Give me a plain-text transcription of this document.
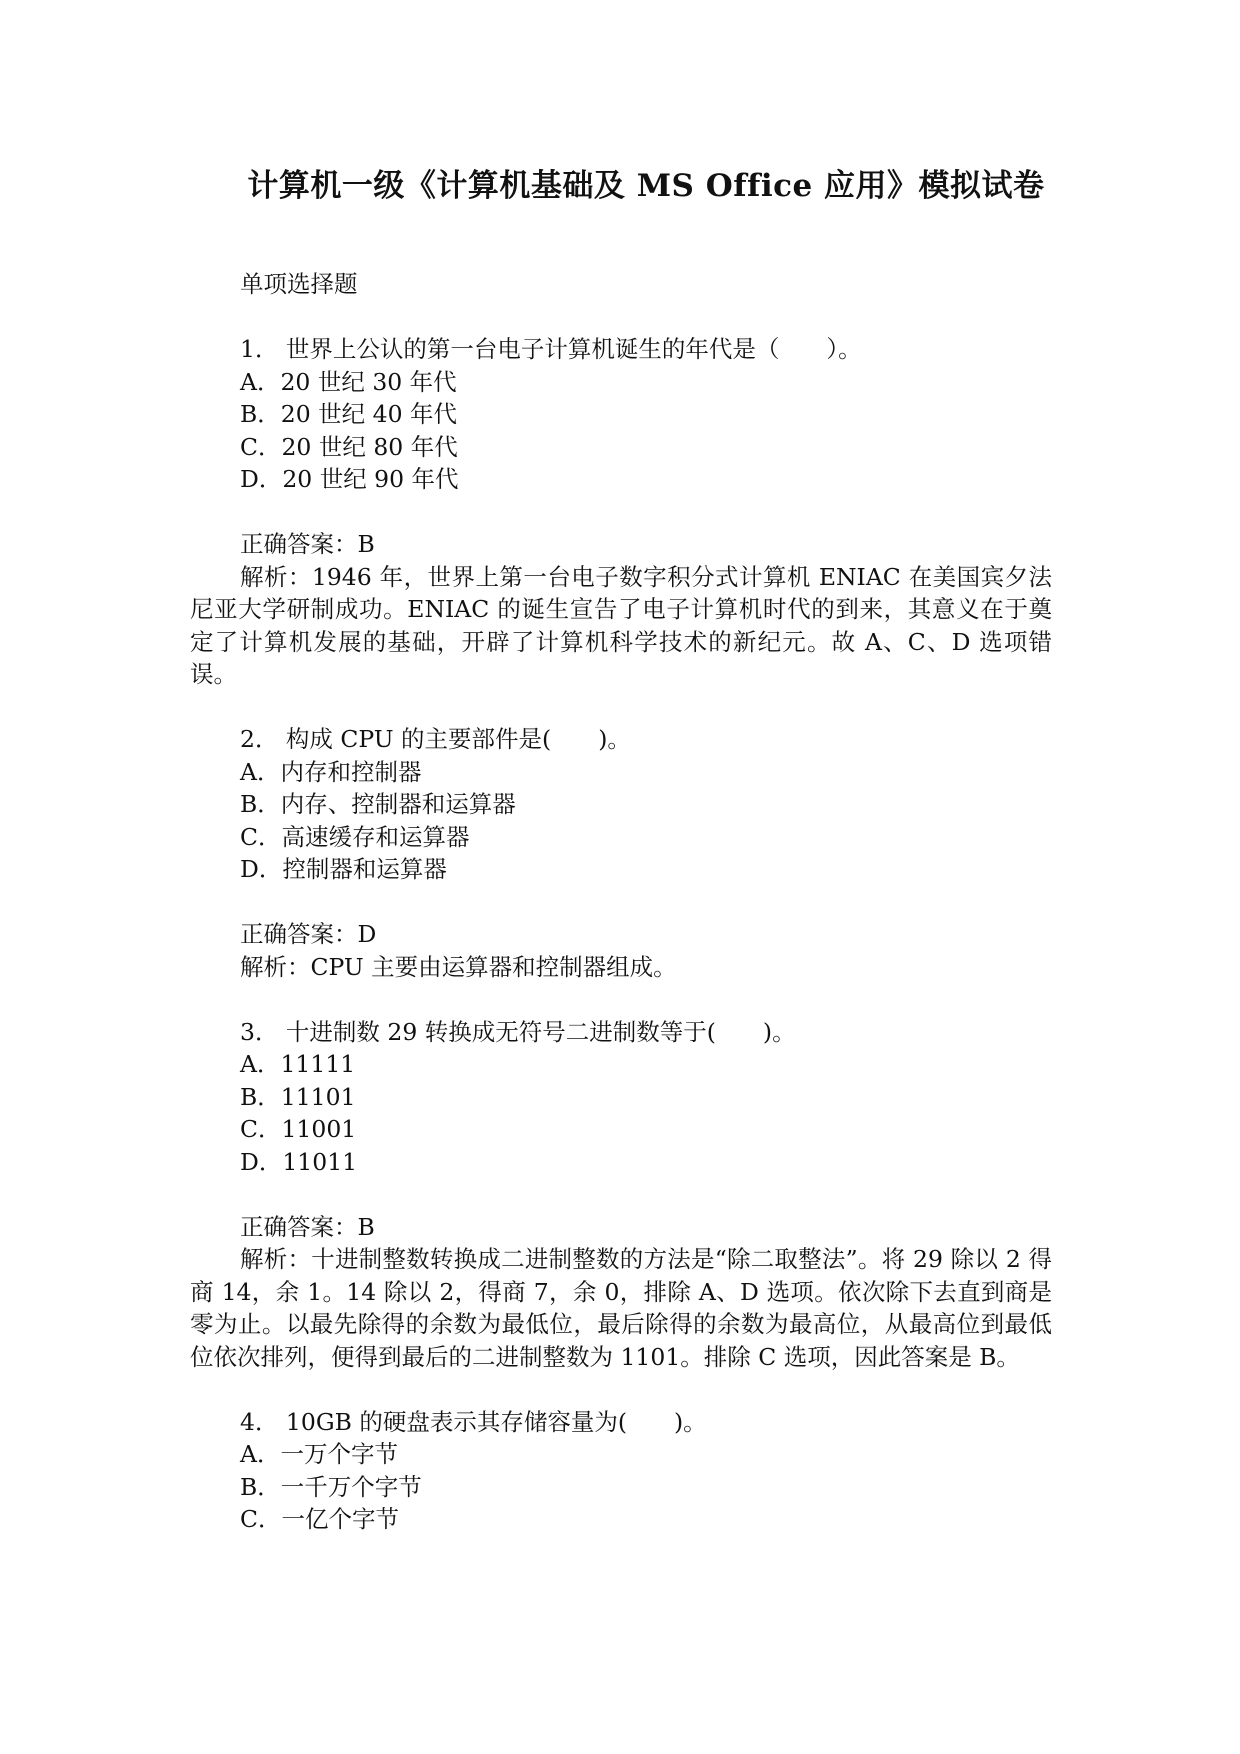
计算机一级《计算机基础及 MS Office 应用》模拟试卷

单项选择题

1． 世界上公认的第一台电子计算机诞生的年代是（　　）。

A．20 世纪 30 年代

B．20 世纪 40 年代

C．20 世纪 80 年代

D．20 世纪 90 年代

正确答案：B

解析：1946 年，世界上第一台电子数字积分式计算机 ENIAC 在美国宾夕法尼亚大学研制成功。ENIAC 的诞生宣告了电子计算机时代的到来，其意义在于奠定了计算机发展的基础，开辟了计算机科学技术的新纪元。故 A、C、D 选项错误。

2． 构成 CPU 的主要部件是(　　)。

A．内存和控制器

B．内存、控制器和运算器

C．高速缓存和运算器

D．控制器和运算器

正确答案：D

解析：CPU 主要由运算器和控制器组成。

3． 十进制数 29 转换成无符号二进制数等于(　　)。

A．11111

B．11101

C．11001

D．11011

正确答案：B

解析：十进制整数转换成二进制整数的方法是“除二取整法”。将 29 除以 2 得商 14，余 1。14 除以 2，得商 7，余 0，排除 A、D 选项。依次除下去直到商是零为止。以最先除得的余数为最低位，最后除得的余数为最高位，从最高位到最低位依次排列，便得到最后的二进制整数为 1101。排除 C 选项，因此答案是 B。

4． 10GB 的硬盘表示其存储容量为(　　)。

A．一万个字节

B．一千万个字节

C．一亿个字节
